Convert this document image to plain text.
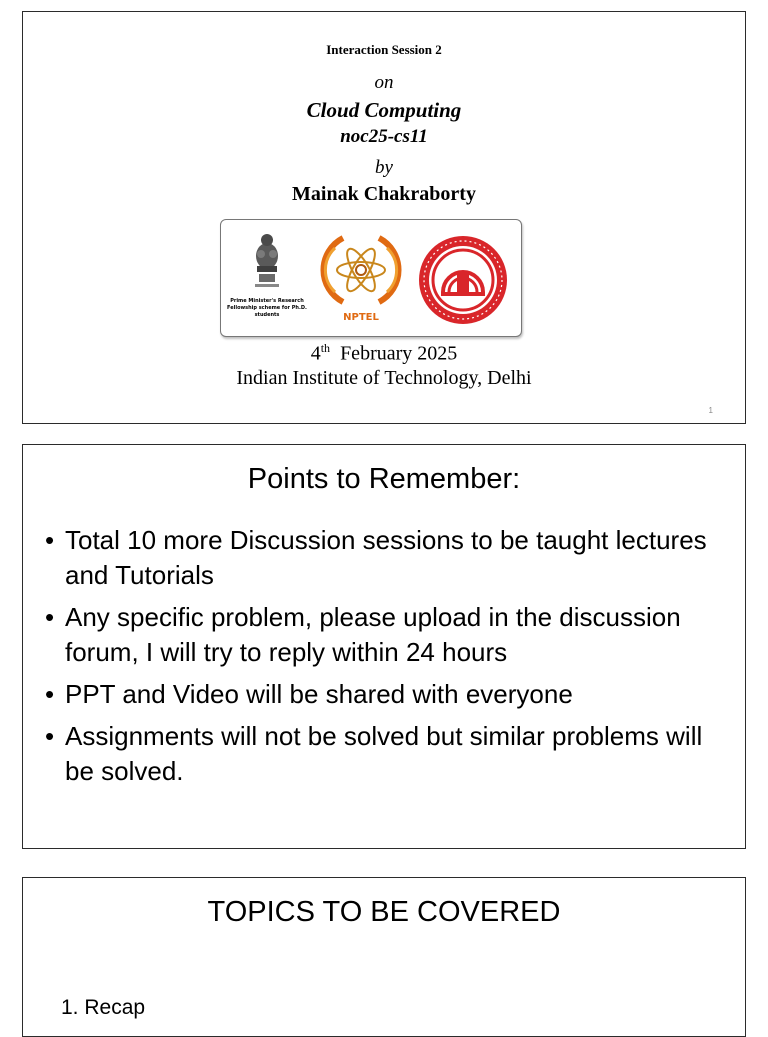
Interaction Session 2
on
Cloud Computing
noc25-cs11
by
Mainak Chakraborty
Prime Minister's Research Fellowship scheme for Ph.D. students	NPTEL
4th February 2025
Indian Institute of Technology, Delhi
1
Points to Remember:
• Total 10 more Discussion sessions to be taught lectures and Tutorials
• Any specific problem, please upload in the discussion forum, I will try to reply within 24 hours
• PPT and Video will be shared with everyone
• Assignments will not be solved but similar problems will be solved.
TOPICS TO BE COVERED
1. Recap
